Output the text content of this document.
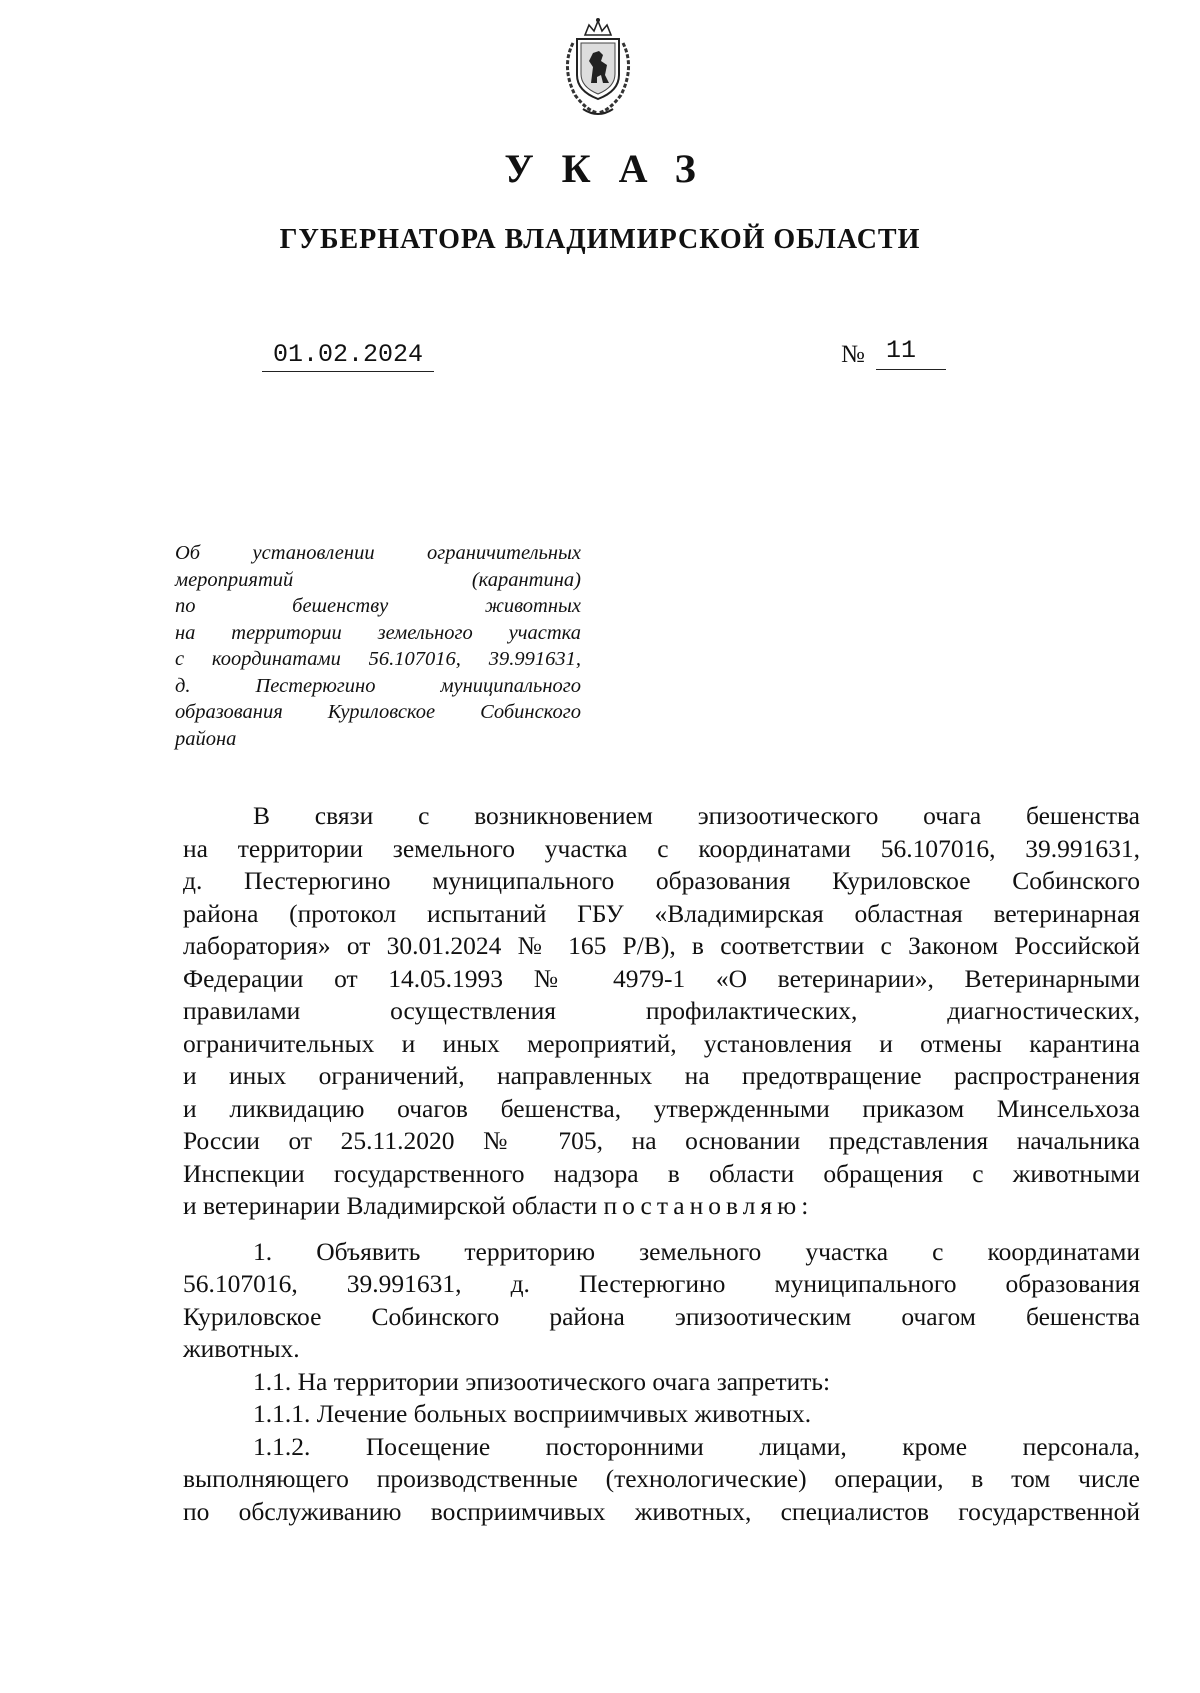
УКАЗ
ГУБЕРНАТОРА ВЛАДИМИРСКОЙ ОБЛАСТИ
01.02.2024	№ 11
Об установлении ограничительных
мероприятий (карантина)
по бешенству животных
на территории земельного участка
с координатами 56.107016, 39.991631,
д. Пестерюгино муниципального
образования Куриловское Собинского
района
В связи с возникновением эпизоотического очага бешенства
на территории земельного участка с координатами 56.107016, 39.991631,
д. Пестерюгино муниципального образования Куриловское Собинского
района (протокол испытаний ГБУ «Владимирская областная ветеринарная
лаборатория» от 30.01.2024 № 165 Р/В), в соответствии с Законом Российской
Федерации от 14.05.1993 № 4979-1 «О ветеринарии», Ветеринарными
правилами осуществления профилактических, диагностических,
ограничительных и иных мероприятий, установления и отмены карантина
и иных ограничений, направленных на предотвращение распространения
и ликвидацию очагов бешенства, утвержденными приказом Минсельхоза
России от 25.11.2020 № 705, на основании представления начальника
Инспекции государственного надзора в области обращения с животными
и ветеринарии Владимирской области постановляю:
1. Объявить территорию земельного участка с координатами
56.107016, 39.991631, д. Пестерюгино муниципального образования
Куриловское Собинского района эпизоотическим очагом бешенства
животных.
1.1. На территории эпизоотического очага запретить:
1.1.1. Лечение больных восприимчивых животных.
1.1.2. Посещение посторонними лицами, кроме персонала,
выполняющего производственные (технологические) операции, в том числе
по обслуживанию восприимчивых животных, специалистов государственной
